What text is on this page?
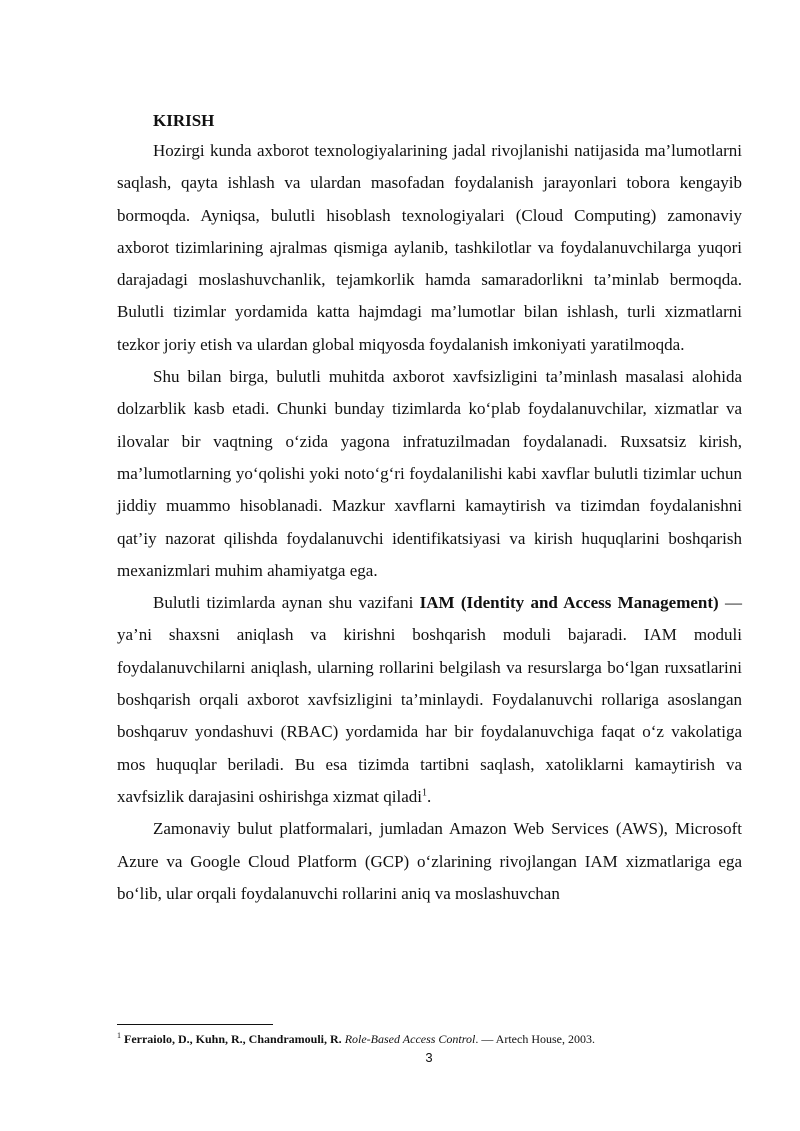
KIRISH

Hozirgi kunda axborot texnologiyalarining jadal rivojlanishi natijasida ma’lumotlarni saqlash, qayta ishlash va ulardan masofadan foydalanish jarayonlari tobora kengayib bormoqda. Ayniqsa, bulutli hisoblash texnologiyalari (Cloud Computing) zamonaviy axborot tizimlarining ajralmas qismiga aylanib, tashkilotlar va foydalanuvchilarga yuqori darajadagi moslashuvchanlik, tejamkorlik hamda samaradorlikni ta’minlab bermoqda. Bulutli tizimlar yordamida katta hajmdagi ma’lumotlar bilan ishlash, turli xizmatlarni tezkor joriy etish va ulardan global miqyosda foydalanish imkoniyati yaratilmoqda.

Shu bilan birga, bulutli muhitda axborot xavfsizligini ta’minlash masalasi alohida dolzarblik kasb etadi. Chunki bunday tizimlarda ko‘plab foydalanuvchilar, xizmatlar va ilovalar bir vaqtning o‘zida yagona infratuzilmadan foydalanadi. Ruxsatsiz kirish, ma’lumotlarning yo‘qolishi yoki noto‘g‘ri foydalanilishi kabi xavflar bulutli tizimlar uchun jiddiy muammo hisoblanadi. Mazkur xavflarni kamaytirish va tizimdan foydalanishni qat’iy nazorat qilishda foydalanuvchi identifikatsiyasi va kirish huquqlarini boshqarish mexanizmlari muhim ahamiyatga ega.

Bulutli tizimlarda aynan shu vazifani IAM (Identity and Access Management) — ya’ni shaxsni aniqlash va kirishni boshqarish moduli bajaradi. IAM moduli foydalanuvchilarni aniqlash, ularning rollarini belgilash va resurslarga bo‘lgan ruxsatlarini boshqarish orqali axborot xavfsizligini ta’minlaydi. Foydalanuvchi rollariga asoslangan boshqaruv yondashuvi (RBAC) yordamida har bir foydalanuvchiga faqat o‘z vakolatiga mos huquqlar beriladi. Bu esa tizimda tartibni saqlash, xatoliklarni kamaytirish va xavfsizlik darajasini oshirishga xizmat qiladi$^1$.

Zamonaviy bulut platformalari, jumladan Amazon Web Services (AWS), Microsoft Azure va Google Cloud Platform (GCP) o‘zlarining rivojlangan IAM xizmatlariga ega bo‘lib, ular orqali foydalanuvchi rollarini aniq va moslashuvchan

$^1$ Ferraiolo, D., Kuhn, R., Chandramouli, R. Role-Based Access Control. — Artech House, 2003.

3
